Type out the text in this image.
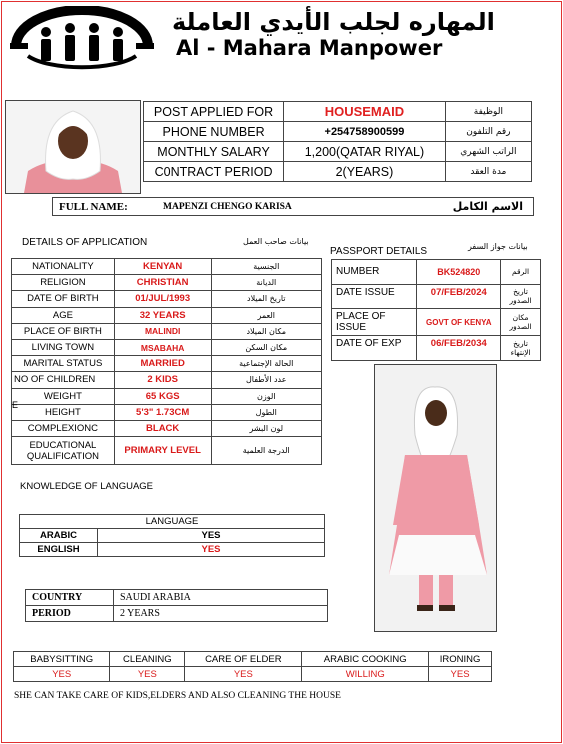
المهاره لجلب الأيدي العاملة
Al - Mahara Manpower
POST APPLIED FOR	HOUSEMAID	الوظيفة
PHONE NUMBER	+254758900599	رقم التلفون
MONTHLY SALARY	1,200(QATAR RIYAL)	الراتب الشهري
C0NTRACT PERIOD	2(YEARS)	مدة العقد
FULL NAME:	MAPENZI CHENGO KARISA	الاسم الكامل
DETAILS OF APPLICATION	بيانات صاحب العمل
NATIONALITY	KENYAN	الجنسية
RELIGION	CHRISTIAN	الديانة
DATE OF BIRTH	01/JUL/1993	تاريخ الميلاد
AGE	32 YEARS	العمر
PLACE OF BIRTH	MALINDI	مكان الميلاد
LIVING TOWN	MSABAHA	مكان السكن
MARITAL STATUS	MARRIED	الحالة الإجتماعية
NO OF CHILDREN	2 KIDS	عدد الأطفال
WEIGHT	65 KGS	الوزن
HEIGHT	5'3" 1.73CM	الطول
COMPLEXIONC	BLACK	لون البشر
EDUCATIONAL QUALIFICATION	PRIMARY LEVEL	الدرجة العلمية
E
PASSPORT DETAILS	بيانات جواز السفر
NUMBER	BK524820	الرقم
DATE ISSUE	07/FEB/2024	تاريخ الصدور
PLACE OF ISSUE	GOVT OF KENYA	مكان الصدور
DATE OF EXP	06/FEB/2034	تاريخ الإنتهاء
KNOWLEDGE OF LANGUAGE
LANGUAGE	
ARABIC	YES
ENGLISH	YES
COUNTRY	SAUDI ARABIA
PERIOD	2 YEARS
BABYSITTING	CLEANING	CARE OF ELDER	ARABIC COOKING	IRONING
YES	YES	YES	WILLING	YES
SHE CAN TAKE CARE OF KIDS,ELDERS AND ALSO CLEANING THE HOUSE
